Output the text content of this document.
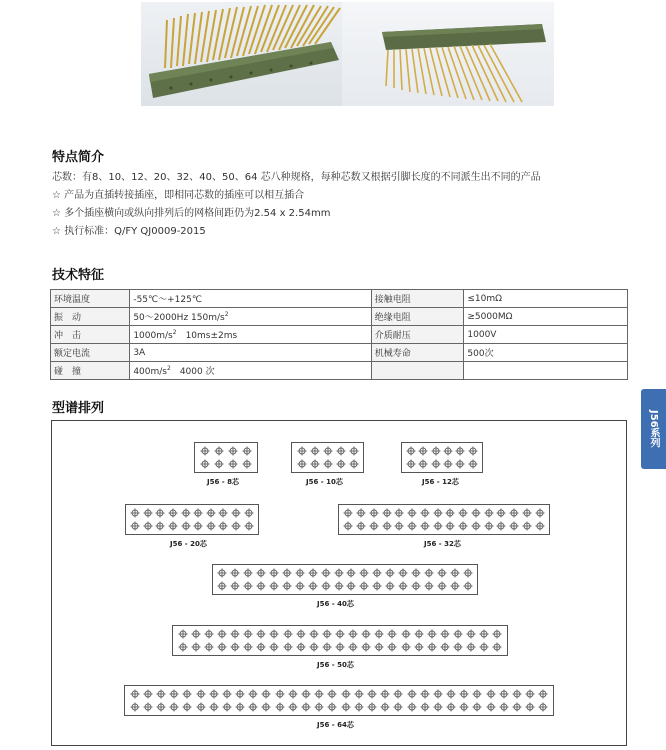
特点简介
芯数：有8、10、12、20、32、40、50、64 芯八种规格，每种芯数又根据引脚长度的不同派生出不同的产品
☆ 产品为直插转接插座，即相同芯数的插座可以相互插合
☆ 多个插座横向或纵向排列后的网格间距仍为2.54 x 2.54mm
☆ 执行标准：Q/FY QJ0009-2015
技术特征
环境温度	-55℃～+125℃	接触电阻	≤10mΩ
振　动	50～2000Hz $150m/s^2$	绝缘电阻	≥5000MΩ
冲　击	$1000m/s^2$　10ms±2ms	介质耐压	1000V
额定电流	3A	机械寿命	500次
碰　撞	$400m/s^2$　4000 次		
型谱排列
J56 - 8芯	J56 - 10芯	J56 - 12芯
J56 - 20芯	J56 - 32芯
J56 - 40芯
J56 - 50芯
J56 - 64芯
J56系列
